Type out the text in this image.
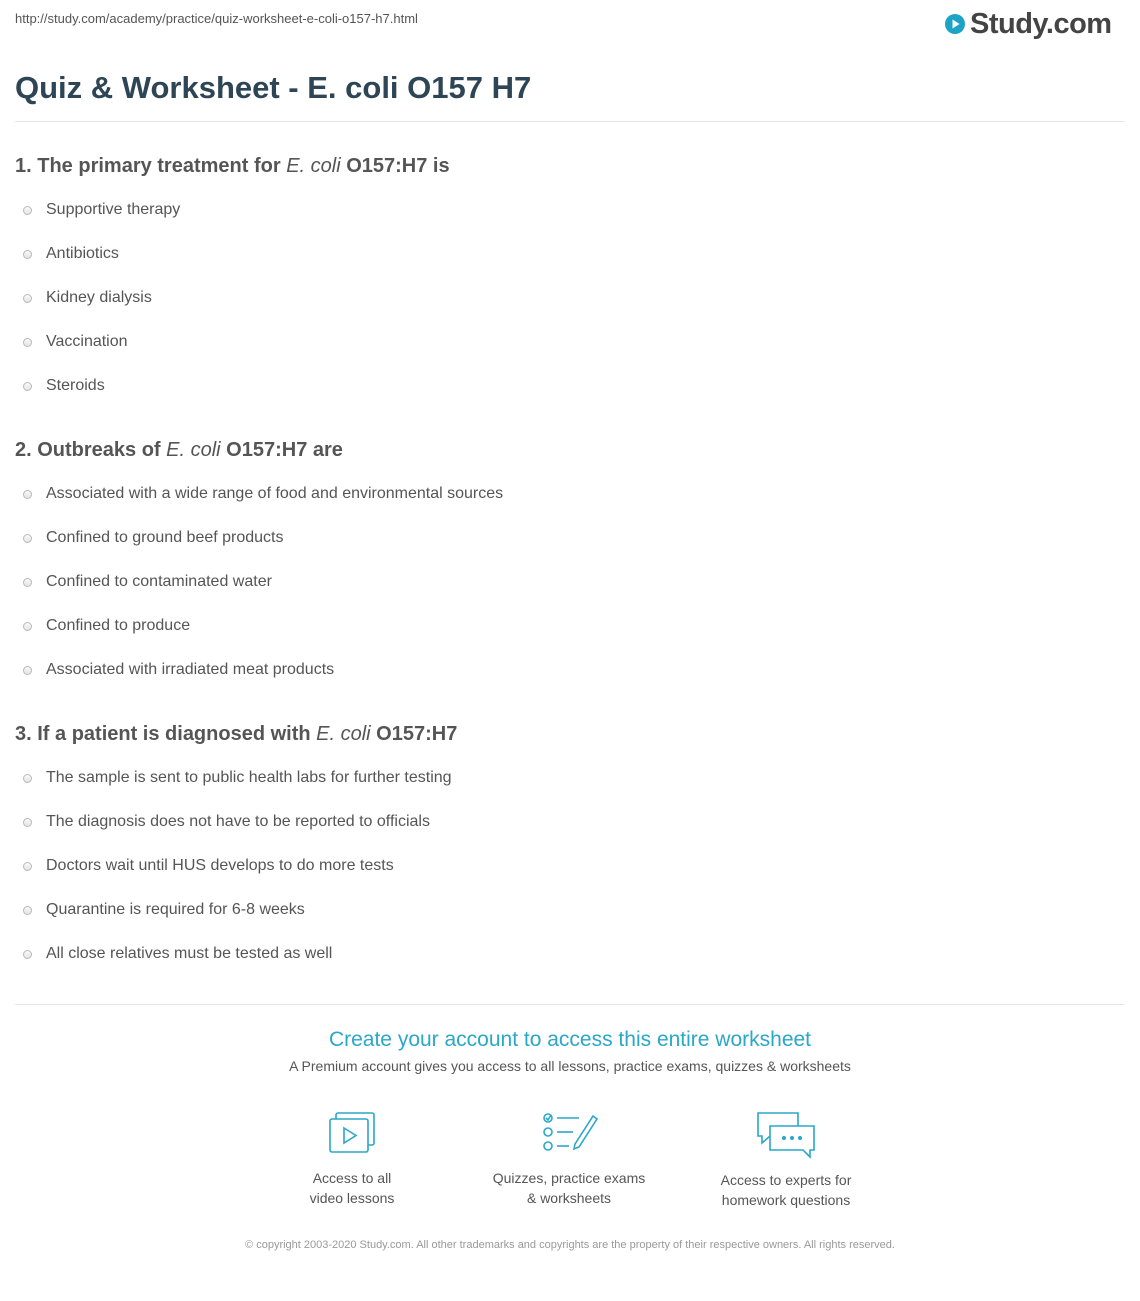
http://study.com/academy/practice/quiz-worksheet-e-coli-o157-h7.html	Study.com
Quiz & Worksheet - E. coli O157 H7
1. The primary treatment for E. coli O157:H7 is
Supportive therapy
Antibiotics
Kidney dialysis
Vaccination
Steroids
2. Outbreaks of E. coli O157:H7 are
Associated with a wide range of food and environmental sources
Confined to ground beef products
Confined to contaminated water
Confined to produce
Associated with irradiated meat products
3. If a patient is diagnosed with E. coli O157:H7
The sample is sent to public health labs for further testing
The diagnosis does not have to be reported to officials
Doctors wait until HUS develops to do more tests
Quarantine is required for 6-8 weeks
All close relatives must be tested as well
Create your account to access this entire worksheet
A Premium account gives you access to all lessons, practice exams, quizzes & worksheets
Access to all
video lessons
Quizzes, practice exams
& worksheets
Access to experts for
homework questions
© copyright 2003-2020 Study.com. All other trademarks and copyrights are the property of their respective owners. All rights reserved.
